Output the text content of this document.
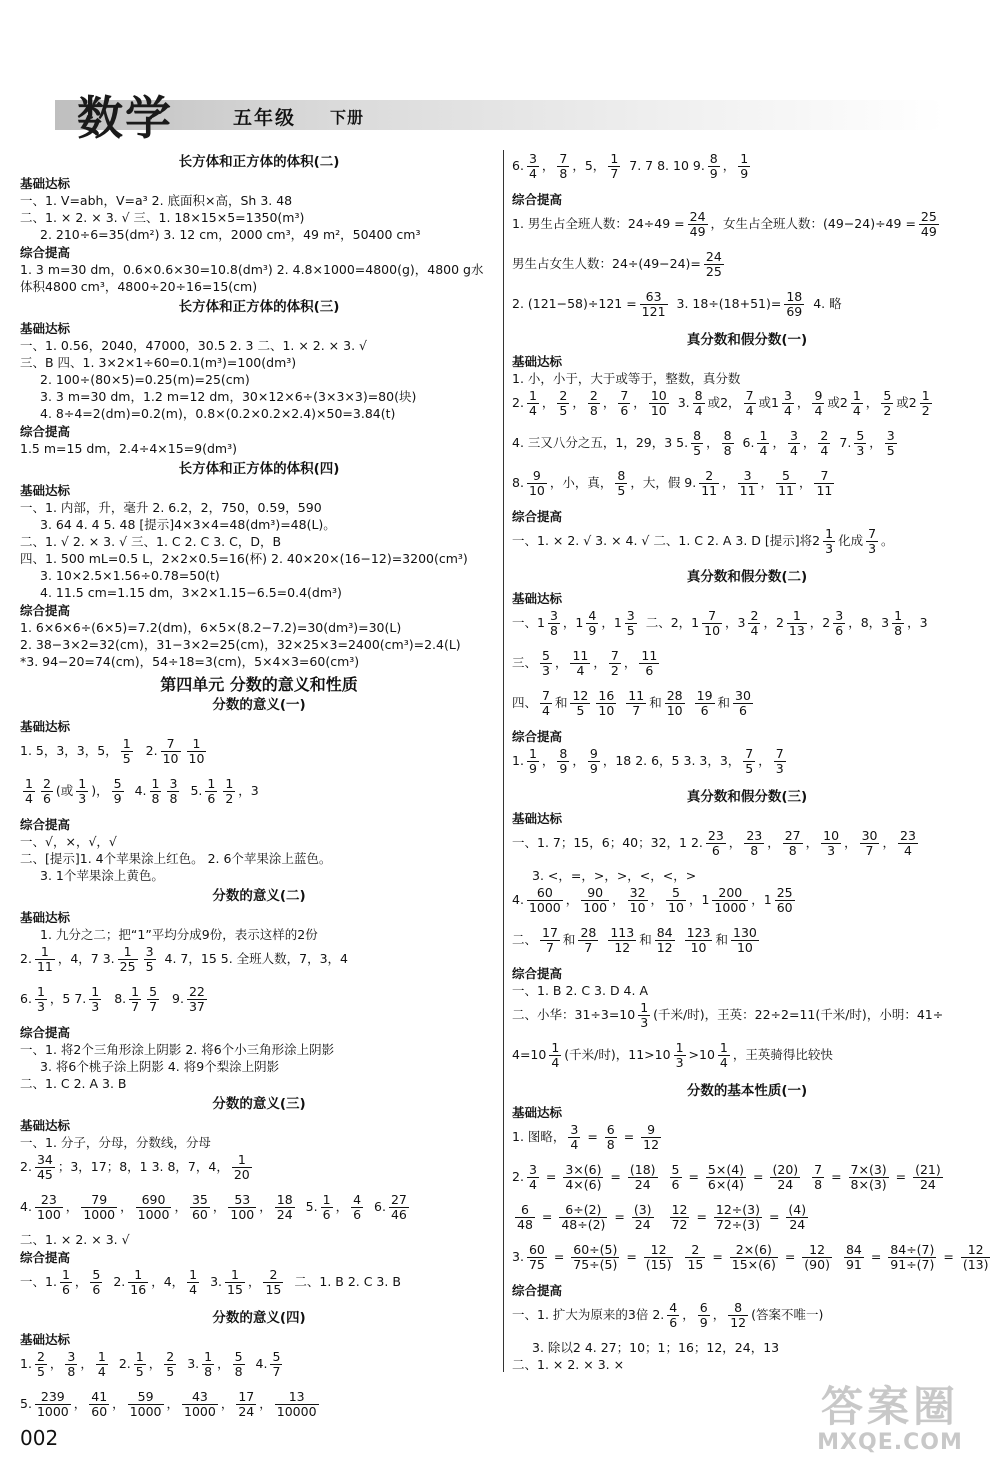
数学	五年级 下册
长方体和正方体的体积(二)
基础达标
一、1. V=abh，V=a³ 2. 底面积×高，Sh 3. 48
二、1. × 2. × 3. √ 三、1. 18×15×5=1350(m³)
2. 210÷6=35(dm²) 3. 12 cm，2000 cm³，49 m²，50400 cm³
综合提高
1. 3 m=30 dm，0.6×0.6×30=10.8(dm³) 2. 4.8×1000=4800(g)，4800 g水
体积4800 cm³，4800÷20÷16=15(cm)
长方体和正方体的体积(三)
基础达标
一、1. 0.56，2040，47000，30.5 2. 3 二、1. × 2. × 3. √
三、B 四、1. 3×2×1÷60=0.1(m³)=100(dm³)
2. 100÷(80×5)=0.25(m)=25(cm)
3. 3 m=30 dm，1.2 m=12 dm，30×12×6÷(3×3×3)=80(块)
4. 8÷4=2(dm)=0.2(m)，0.8×(0.2×0.2×2.4)×50=3.84(t)
综合提高
1.5 m=15 dm，2.4÷4×15=9(dm³)
长方体和正方体的体积(四)
基础达标
一、1. 内部，升，毫升 2. 6.2，2，750，0.59，590
3. 64 4. 4 5. 48 [提示]4×3×4=48(dm³)=48(L)。
二、1. √ 2. × 3. √ 三、1. C 2. C 3. C，D，B
四、1. 500 mL=0.5 L，2×2×0.5=16(杯) 2. 40×20×(16−12)=3200(cm³)
3. 10×2.5×1.56÷0.78=50(t)
4. 11.5 cm=1.15 dm，3×2×1.15−6.5=0.4(dm³)
综合提高
1. 6×6×6÷(6×5)=7.2(dm)，6×5×(8.2−7.2)=30(dm³)=30(L)
2. 38−3×2=32(cm)，31−3×2=25(cm)，32×25×3=2400(cm³)=2.4(L)
*3. 94−20=74(cm)，54÷18=3(cm)，5×4×3=60(cm³)
第四单元 分数的意义和性质
分数的意义(一)
基础达标
1. 5，3，3，5， $\frac{1}{5} 2$. $\frac{7}{10} \frac{1}{10}$
$\frac{1}{4} \frac{2}{6}$ (或 $\frac{1}{3}$ )， $\frac{5}{9} 4$. $\frac{1}{8} \frac{3}{8} 5$. $\frac{1}{6} \frac{1}{2}$ ，3
综合提高
一、√，×，√，√
二、[提示]1. 4个苹果涂上红色。 2. 6个苹果涂上蓝色。
3. 1个苹果涂上黄色。
分数的意义(二)
基础达标
1. 九分之二；把“1”平均分成9份，表示这样的2份
2. $\frac{1}{11}$ ，4，7 3. $\frac{1}{25} \frac{3}{5} 4$. 7，15 5. 全班人数，7，3，4
6. $\frac{1}{3}$ ，5 7. $\frac{1}{3} 8$. $\frac{1}{7} \frac{5}{7} 9$. $\frac{22}{37}$
综合提高
一、1. 将2个三角形涂上阴影 2. 将6个小三角形涂上阴影
3. 将6个桃子涂上阴影 4. 将9个梨涂上阴影
二、1. C 2. A 3. B
分数的意义(三)
基础达标
一、1. 分子，分母，分数线，分母
2. $\frac{34}{45}$ ；3，17；8，1 3. 8，7，4， $\frac{1}{20}$
4. $\frac{23}{100}$ ， $\frac{79}{1000}$ ， $\frac{690}{1000}$ ， $\frac{35}{60}$ ， $\frac{53}{100}$ ， $\frac{18}{24} 5$. $\frac{1}{6}$ ， $\frac{4}{6} 6$. $\frac{27}{46}$
二、1. × 2. × 3. √
综合提高
一、1. $\frac{1}{6}$ ， $\frac{5}{6} 2$. $\frac{1}{16}$ ，4， $\frac{1}{4} 3$. $\frac{1}{15}$ ， $\frac{2}{15}$ 二、1. B 2. C 3. B
分数的意义(四)
基础达标
1. $\frac{2}{5}$ ， $\frac{3}{8}$ ， $\frac{1}{4} 2$. $\frac{1}{5}$ ， $\frac{2}{5} 3$. $\frac{1}{8}$ ， $\frac{5}{8} 4$. $\frac{5}{7}$
5. $\frac{239}{1000}$ ， $\frac{41}{60}$ ， $\frac{59}{1000}$ ， $\frac{43}{1000}$ ， $\frac{17}{24}$ ， $\frac{13}{10000}$
6. $\frac{3}{4}$ ， $\frac{7}{8}$ ，5， $\frac{1}{7} 7$. 7 8. 10 9. $\frac{8}{9}$ ， $\frac{1}{9}$
综合提高
1. 男生占全班人数：$24\div 49 = \frac{24}{49}$ ，女生占全班人数：$(49-24)\div 49 = \frac{25}{49}$
男生占女生人数：$24\div(49-24)= \frac{24}{25}$
2. $(121-58)\div 121 = \frac{63}{121} 3$. $18\div(18+51)= \frac{18}{69} 4$. 略
真分数和假分数(一)
基础达标
1. 小，小于，大于或等于，整数，真分数
2. $\frac{1}{4}$ ， $\frac{2}{5}$ ， $\frac{2}{8}$ ， $\frac{7}{6}$ ， $\frac{10}{10} 3$. $\frac{8}{4}$ 或2， $\frac{7}{4}$ 或$1 \frac{3}{4}$ ， $\frac{9}{4}$ 或$2 \frac{1}{4}$ ， $\frac{5}{2}$ 或$2 \frac{1}{2}$
4. 三又八分之五，1，29，3 5. $\frac{8}{5}$ ， $\frac{8}{8} 6$. $\frac{1}{4}$ ， $\frac{3}{4}$ ， $\frac{2}{4} 7$. $\frac{5}{3}$ ， $\frac{3}{5}$
8. $\frac{9}{10}$ ，小，真， $\frac{8}{5}$ ，大，假 9. $\frac{2}{11}$ ， $\frac{3}{11}$ ， $\frac{5}{11}$ ， $\frac{7}{11}$
综合提高
一、1. × 2. √ 3. × 4. √ 二、1. C 2. A 3. D [提示]将$2 \frac{1}{3}$ 化成 $\frac{7}{3}$ 。
真分数和假分数(二)
基础达标
一、$1 \frac{3}{8}$ ，$1 \frac{4}{9}$ ，$1 \frac{3}{5}$ 二、2，$1 \frac{7}{10}$ ，$3 \frac{2}{4}$ ，$2 \frac{1}{13}$ ，$2 \frac{3}{6}$ ，8，$3 \frac{1}{8}$ ，3
三、 $\frac{5}{3}$ ， $\frac{11}{4}$ ， $\frac{7}{2}$ ， $\frac{11}{6}$
四、 $\frac{7}{4}$ 和 $\frac{12}{5} \frac{16}{10} \frac{11}{7}$ 和 $\frac{28}{10} \frac{19}{6}$ 和 $\frac{30}{6}$
综合提高
1. $\frac{1}{9}$ ， $\frac{8}{9}$ ， $\frac{9}{9}$ ，18 2. 6，5 3. 3，3， $\frac{7}{5}$ ， $\frac{7}{3}$
真分数和假分数(三)
基础达标
一、1. 7；15，6；40；32，1 2. $\frac{23}{6}$ ， $\frac{23}{8}$ ， $\frac{27}{8}$ ， $\frac{10}{3}$ ， $\frac{30}{7}$ ， $\frac{23}{4}$
3. <，=，>，>，<，<，>
4. $\frac{60}{1000}$ ， $\frac{90}{100}$ ， $\frac{32}{10}$ ， $\frac{5}{10}$ ，$1 \frac{200}{1000}$ ，$1 \frac{25}{60}$
二、 $\frac{17}{7}$ 和 $\frac{28}{7} \frac{113}{12}$ 和 $\frac{84}{12} \frac{123}{10}$ 和 $\frac{130}{10}$
综合提高
一、1. B 2. C 3. D 4. A
二、小华：$31\div 3=10 \frac{1}{3}$ (千米/时)，王英：22÷2=11(千米/时)，小明：41÷
$4=10 \frac{1}{4}$ (千米/时)，$11>10 \frac{1}{3} >10 \frac{1}{4}$ ，王英骑得比较快
分数的基本性质(一)
基础达标
1. 图略， $\frac{3}{4} = \frac{6}{8} = \frac{9}{12}$
2. $\frac{3}{4} = \frac{3\times(6)}{4\times(6)} = \frac{(18)}{24} \frac{5}{6} = \frac{5\times(4)}{6\times(4)} = \frac{(20)}{24} \frac{7}{8} = \frac{7\times(3)}{8\times(3)} = \frac{(21)}{24}$
$\frac{6}{48} = \frac{6\div(2)}{48\div(2)} = \frac{(3)}{24} \frac{12}{72} = \frac{12\div(3)}{72\div(3)} = \frac{(4)}{24}$
3. $\frac{60}{75} = \frac{60\div(5)}{75\div(5)} = \frac{12}{(15)} \frac{2}{15} = \frac{2\times(6)}{15\times(6)} = \frac{12}{(90)} \frac{84}{91} = \frac{84\div(7)}{91\div(7)} = \frac{12}{(13)}$
综合提高
一、1. 扩大为原来的3倍 2. $\frac{4}{6}$ ， $\frac{6}{9}$ ， $\frac{8}{12}$ (答案不唯一)
3. 除以2 4. 27；10；1；16；12，24，13
二、1. × 2. × 3. ×
002
答案圈
MXQE.COM
